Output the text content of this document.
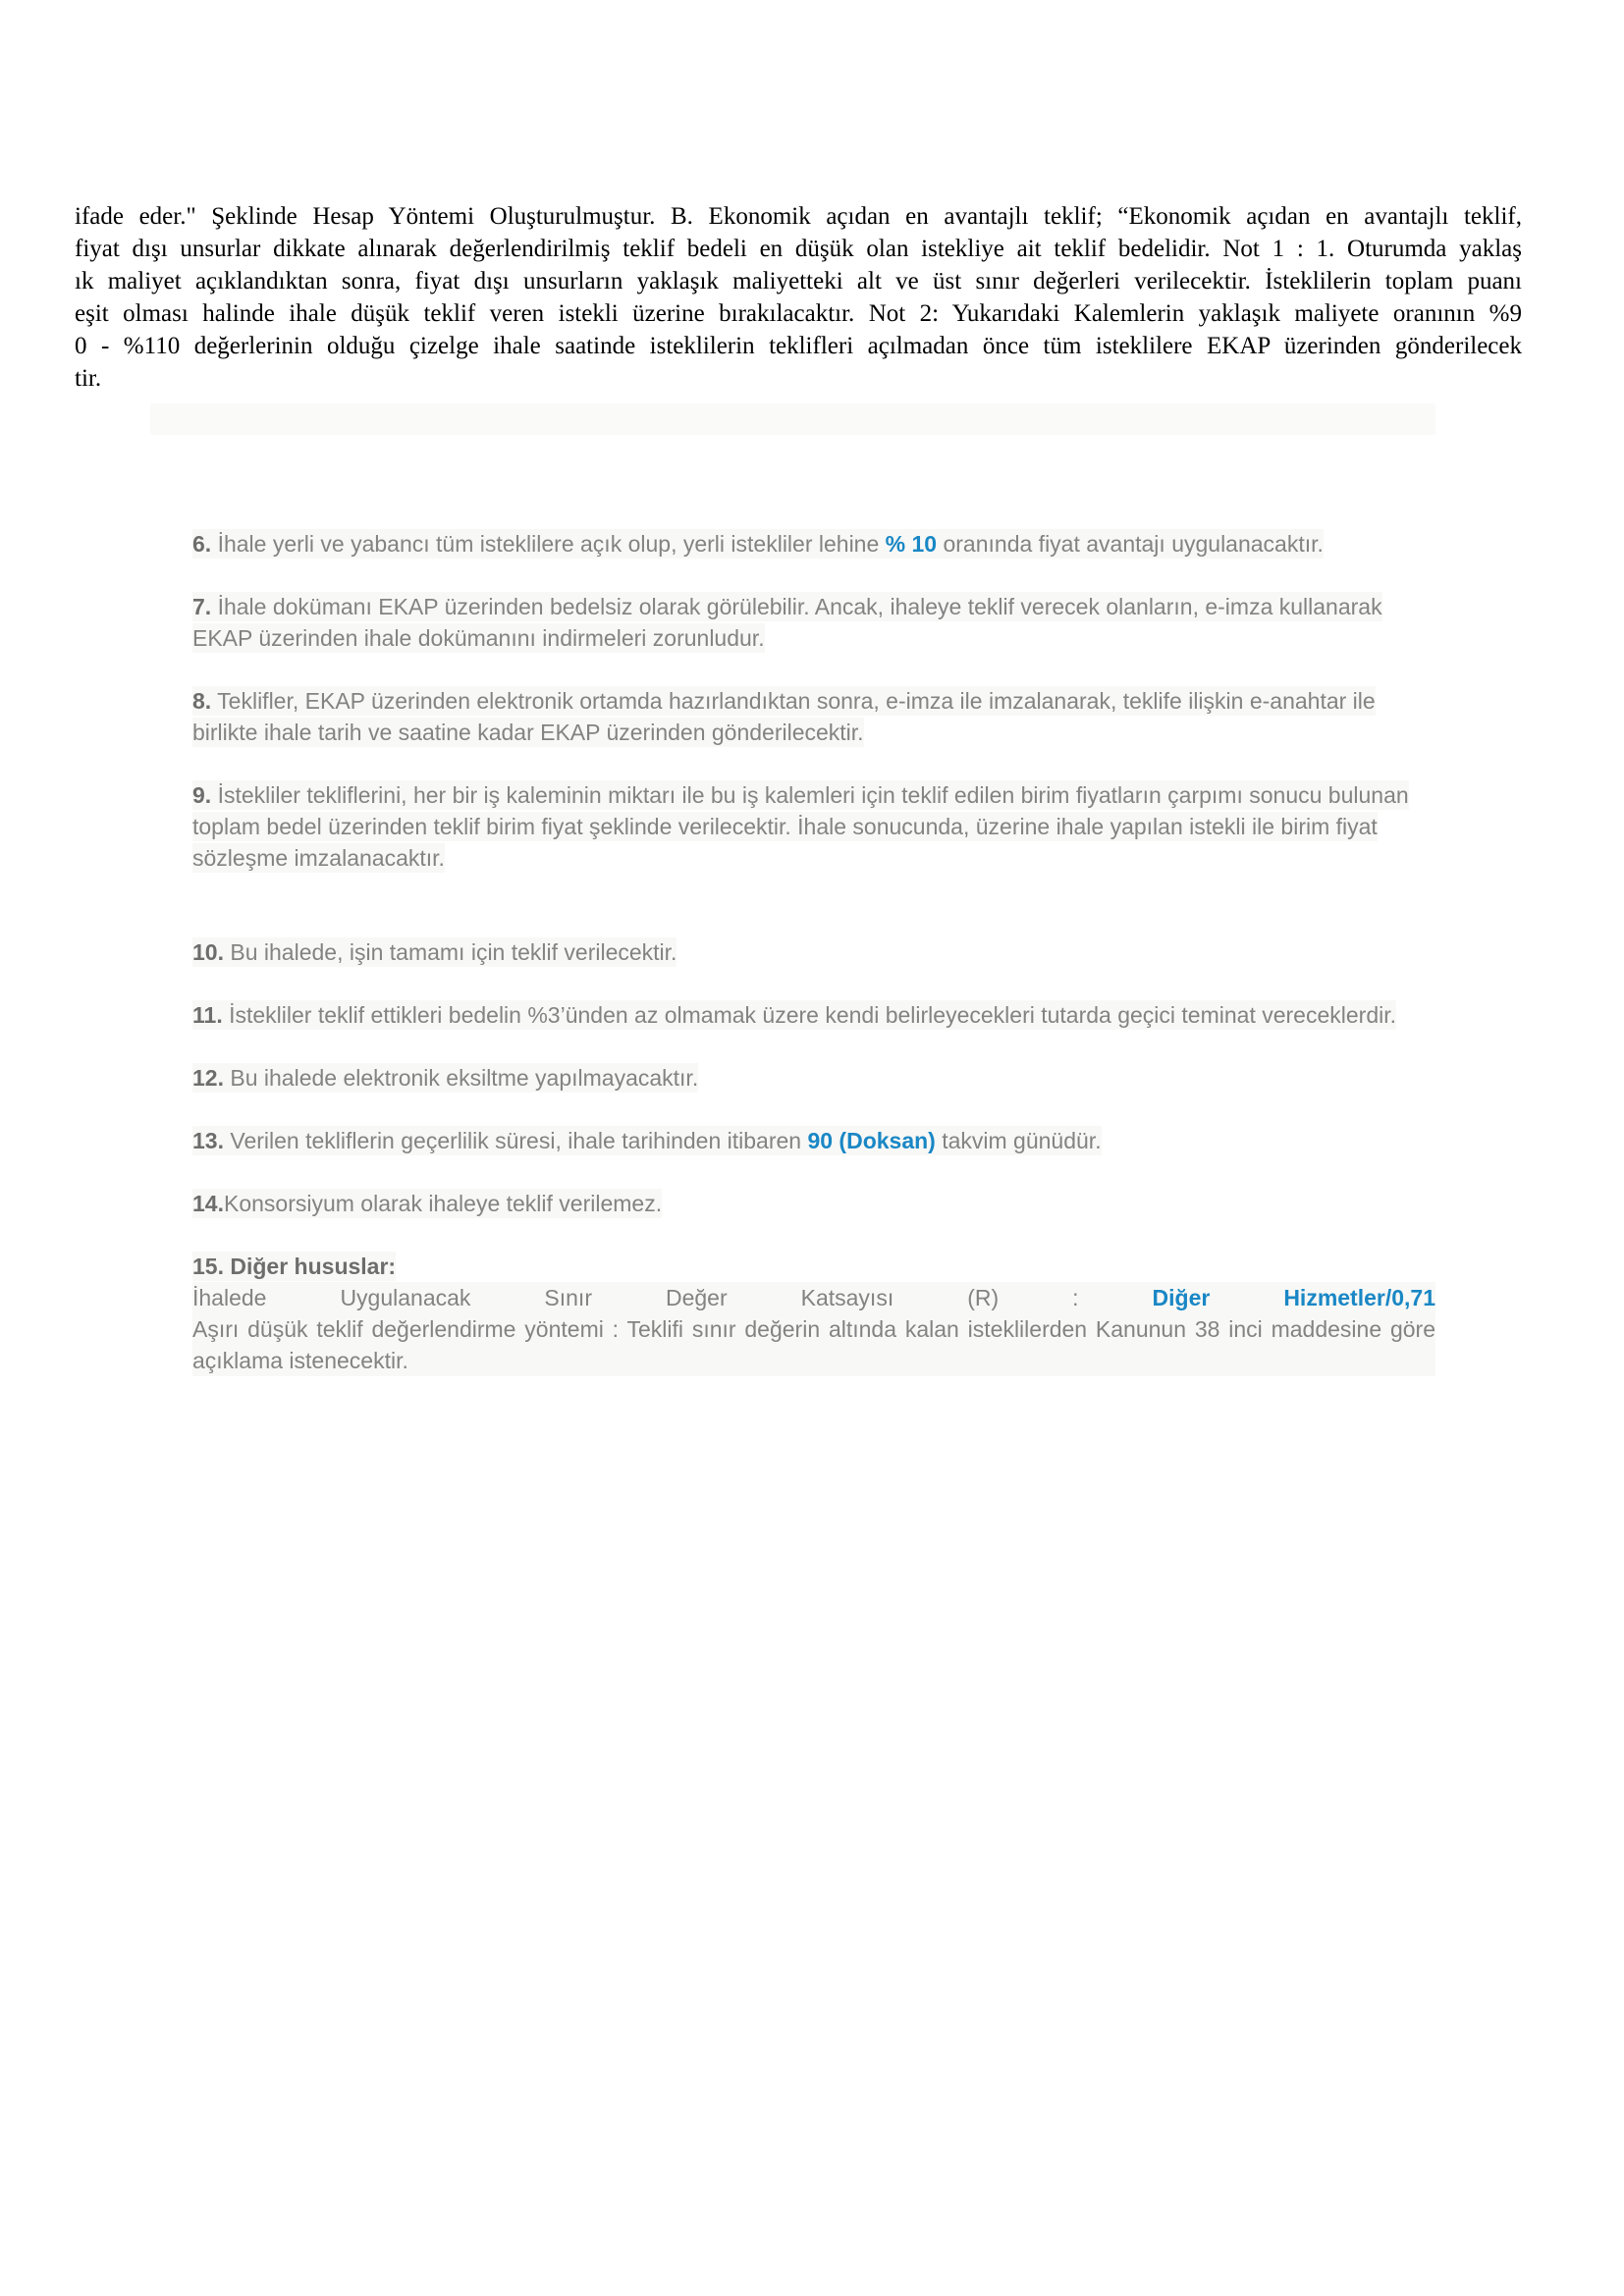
ifade eder." Şeklinde Hesap Yöntemi Oluşturulmuştur. B. Ekonomik açıdan en avantajlı teklif; “Ekonomik açıdan en avantajlı teklif,
fiyat dışı unsurlar dikkate alınarak değerlendirilmiş teklif bedeli en düşük olan istekliye ait teklif bedelidir. Not 1 : 1. Oturumda yaklaş
ık maliyet açıklandıktan sonra, fiyat dışı unsurların yaklaşık maliyetteki alt ve üst sınır değerleri verilecektir. İsteklilerin toplam puanı
eşit olması halinde ihale düşük teklif veren istekli üzerine bırakılacaktır. Not 2: Yukarıdaki Kalemlerin yaklaşık maliyete oranının %9
0 - %110 değerlerinin olduğu çizelge ihale saatinde isteklilerin teklifleri açılmadan önce tüm isteklilere EKAP üzerinden gönderilecek
tir.

6. İhale yerli ve yabancı tüm isteklilere açık olup, yerli istekliler lehine % 10 oranında fiyat avantajı uygulanacaktır.

7. İhale dokümanı EKAP üzerinden bedelsiz olarak görülebilir. Ancak, ihaleye teklif verecek olanların, e-imza kullanarak EKAP üzerinden ihale dokümanını indirmeleri zorunludur.

8. Teklifler, EKAP üzerinden elektronik ortamda hazırlandıktan sonra, e-imza ile imzalanarak, teklife ilişkin e-anahtar ile birlikte ihale tarih ve saatine kadar EKAP üzerinden gönderilecektir.

9. İstekliler tekliflerini, her bir iş kaleminin miktarı ile bu iş kalemleri için teklif edilen birim fiyatların çarpımı sonucu bulunan toplam bedel üzerinden teklif birim fiyat şeklinde verilecektir. İhale sonucunda, üzerine ihale yapılan istekli ile birim fiyat sözleşme imzalanacaktır.

10. Bu ihalede, işin tamamı için teklif verilecektir.

11. İstekliler teklif ettikleri bedelin %3’ünden az olmamak üzere kendi belirleyecekleri tutarda geçici teminat vereceklerdir.

12. Bu ihalede elektronik eksiltme yapılmayacaktır.

13. Verilen tekliflerin geçerlilik süresi, ihale tarihinden itibaren 90 (Doksan) takvim günüdür.

14.Konsorsiyum olarak ihaleye teklif verilemez.

15. Diğer hususlar:

İhalede Uygulanacak Sınır Değer Katsayısı (R) :	Diğer Hizmetler/0,71

Aşırı düşük teklif değerlendirme yöntemi : Teklifi sınır değerin altında kalan isteklilerden Kanunun 38 inci maddesine göre açıklama istenecektir.
